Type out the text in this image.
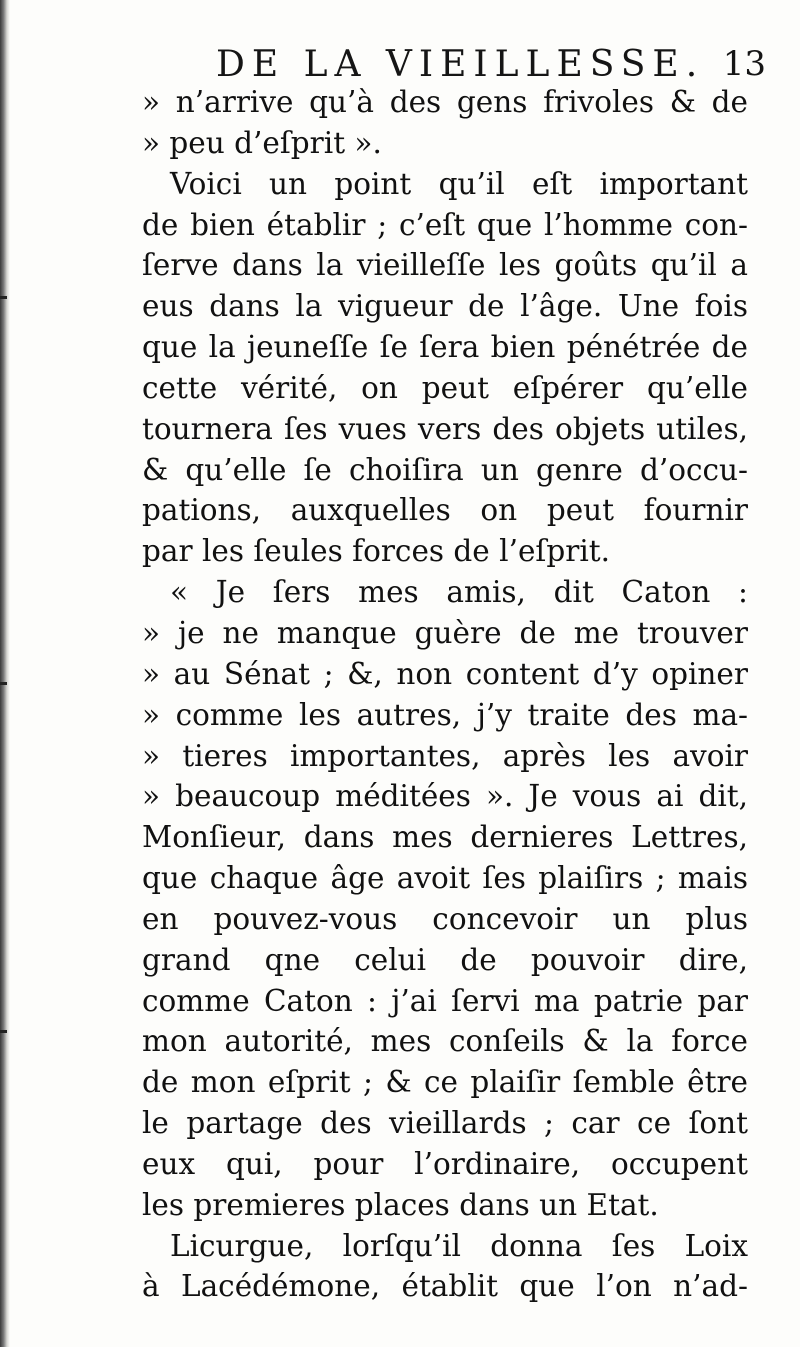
DE LA VIEILLESSE. 13
» n’arrive qu’à des gens frivoles & de
» peu d’eſprit ».
Voici un point qu’il eſt important
de bien établir ; c’eſt que l’homme con-
ſerve dans la vieilleſſe les goûts qu’il a
eus dans la vigueur de l’âge. Une fois
que la jeuneſſe ſe ſera bien pénétrée de
cette vérité, on peut eſpérer qu’elle
tournera ſes vues vers des objets utiles,
& qu’elle ſe choiſira un genre d’occu-
pations, auxquelles on peut fournir
par les ſeules forces de l’eſprit.
« Je ſers mes amis, dit Caton :
» je ne manque guère de me trouver
» au Sénat ; &, non content d’y opiner
» comme les autres, j’y traite des ma-
» tieres importantes, après les avoir
» beaucoup méditées ». Je vous ai dit,
Monſieur, dans mes dernieres Lettres,
que chaque âge avoit ſes plaiſirs ; mais
en pouvez-vous concevoir un plus
grand qne celui de pouvoir dire,
comme Caton : j’ai ſervi ma patrie par
mon autorité, mes conſeils & la force
de mon eſprit ; & ce plaiſir ſemble être
le partage des vieillards ; car ce ſont
eux qui, pour l’ordinaire, occupent
les premieres places dans un Etat.
Licurgue, lorſqu’il donna ſes Loix
à Lacédémone, établit que l’on n’ad-
